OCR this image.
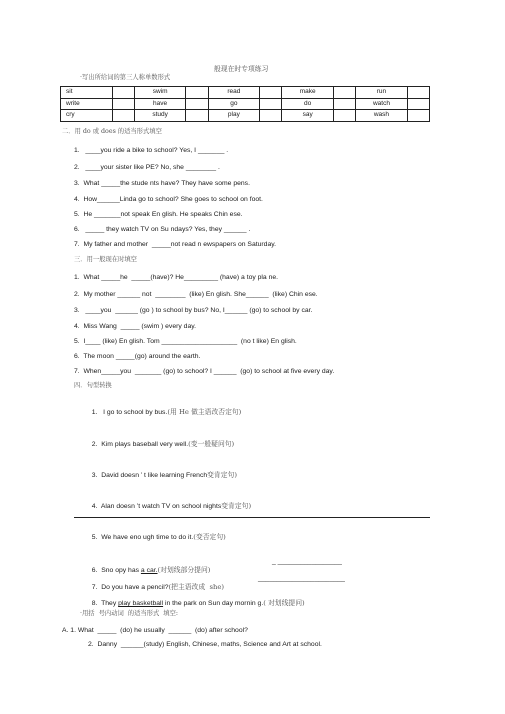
般现在时专项练习
·写出所给词的第三人称单数形式
sit		swim		read		make		run	
write		have		go		do		watch	
cry		study		play		say		wash	
二．用 do 或 does 的适当形式填空
1.   ____you ride a bike to school? Yes, I _______ .
2.   ____your sister like PE? No, she ________ .
3.  What _____the stude nts have? They have some pens.
4.  How______Linda go to school? She goes to school on foot.
5.  He _______not speak En glish. He speaks Chin ese.
6.   _____ they watch TV on Su ndays? Yes, they ______ .
7.  My father and mother  _____not read n ewspapers on Saturday.
三．用一般现在时填空
1.  What _____he  _____(have)? He_________ (have) a toy pla ne.
2.  My mother ______ not  ________  (like) En glish. She______  (like) Chin ese.
3.   ____you  ______ (go ) to school by bus? No, I______ (go) to school by car.
4.  Miss Wang  _____ (swim ) every day.
5.  I____ (like) En glish. Tom ____________________  (no t like) En glish.
6.  The moon _____(go) around the earth.
7.  When_____you  _______ (go) to school? I ______  (go) to school at five every day.
四．句型转换

1.   I go to school by bus.(用 He 做主语改否定句)

2.  Kim plays baseball very well.(变一般疑问句)

3.  David doesn ’ t like learning French变肯定句)

4.  Alan doesn ’t watch TV on school nights变肯定句)

5.  We have eno ugh time to do it.(变否定句)

6.  Sno opy has a car.(对划线部分提问)

_ _________________

7.  Do you have a pencil?(把主语改成  she)

_______________________

8.  They play basketball in the park on Sun day mornin g.( 对划线提问)

·用括  号内动词  的适当形式  填空:
A. 1. What  _____  (do) he usually  ______  (do) after school?
2.  Danny  ______(study) English, Chinese, maths, Science and Art at school.
